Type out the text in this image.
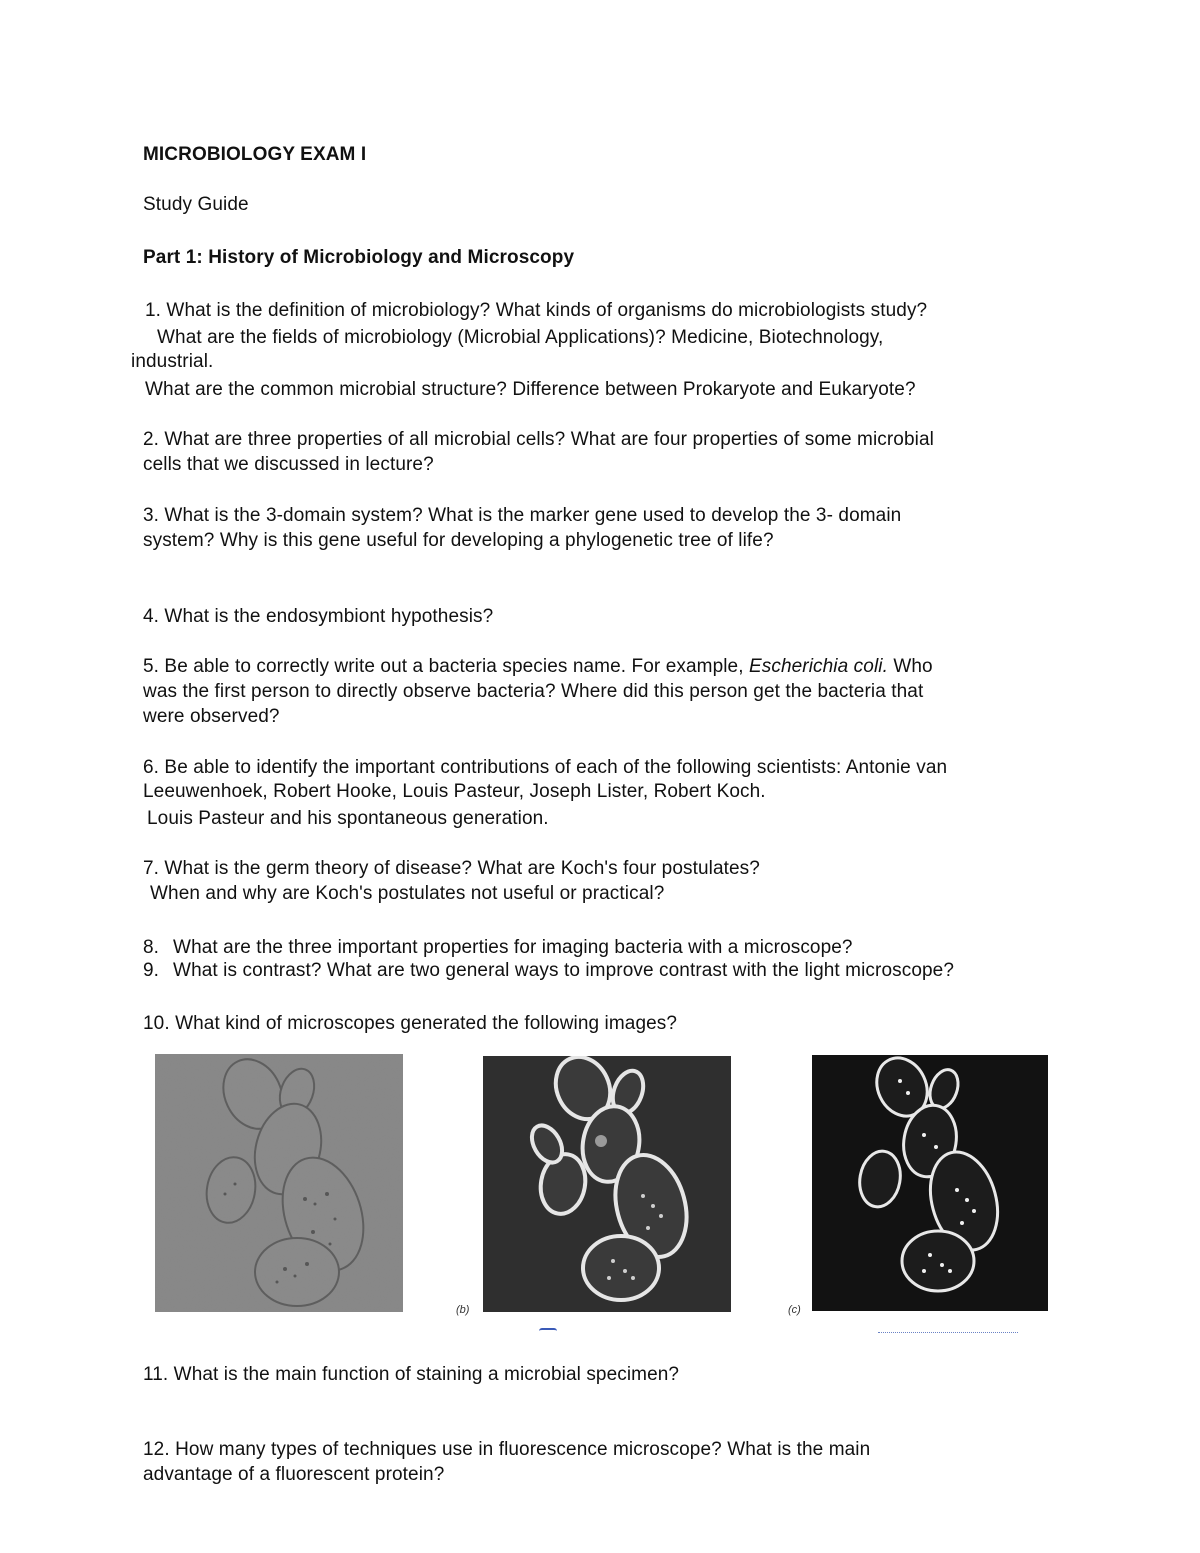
MICROBIOLOGY EXAM I
Study Guide
Part 1: History of Microbiology and Microscopy
1. What is the definition of microbiology? What kinds of organisms do microbiologists study?
What are the fields of microbiology (Microbial Applications)? Medicine, Biotechnology,
industrial.
What are the common microbial structure? Difference between Prokaryote and Eukaryote?
2. What are three properties of all microbial cells? What are four properties of some microbial
cells that we discussed in lecture?
3. What is the 3-domain system? What is the marker gene used to develop the 3- domain
system? Why is this gene useful for developing a phylogenetic tree of life?
4. What is the endosymbiont hypothesis?
5. Be able to correctly write out a bacteria species name. For example, Escherichia coli. Who
was the first person to directly observe bacteria? Where did this person get the bacteria that
were observed?
6. Be able to identify the important contributions of each of the following scientists: Antonie van
Leeuwenhoek, Robert Hooke, Louis Pasteur, Joseph Lister, Robert Koch.
Louis Pasteur and his spontaneous generation.
7. What is the germ theory of disease? What are Koch's four postulates?
When and why are Koch's postulates not useful or practical?
8. What are the three important properties for imaging bacteria with a microscope?
9. What is contrast? What are two general ways to improve contrast with the light microscope?
10. What kind of microscopes generated the following images?
(b)	(c)
11. What is the main function of staining a microbial specimen?
12. How many types of techniques use in fluorescence microscope? What is the main
advantage of a fluorescent protein?
